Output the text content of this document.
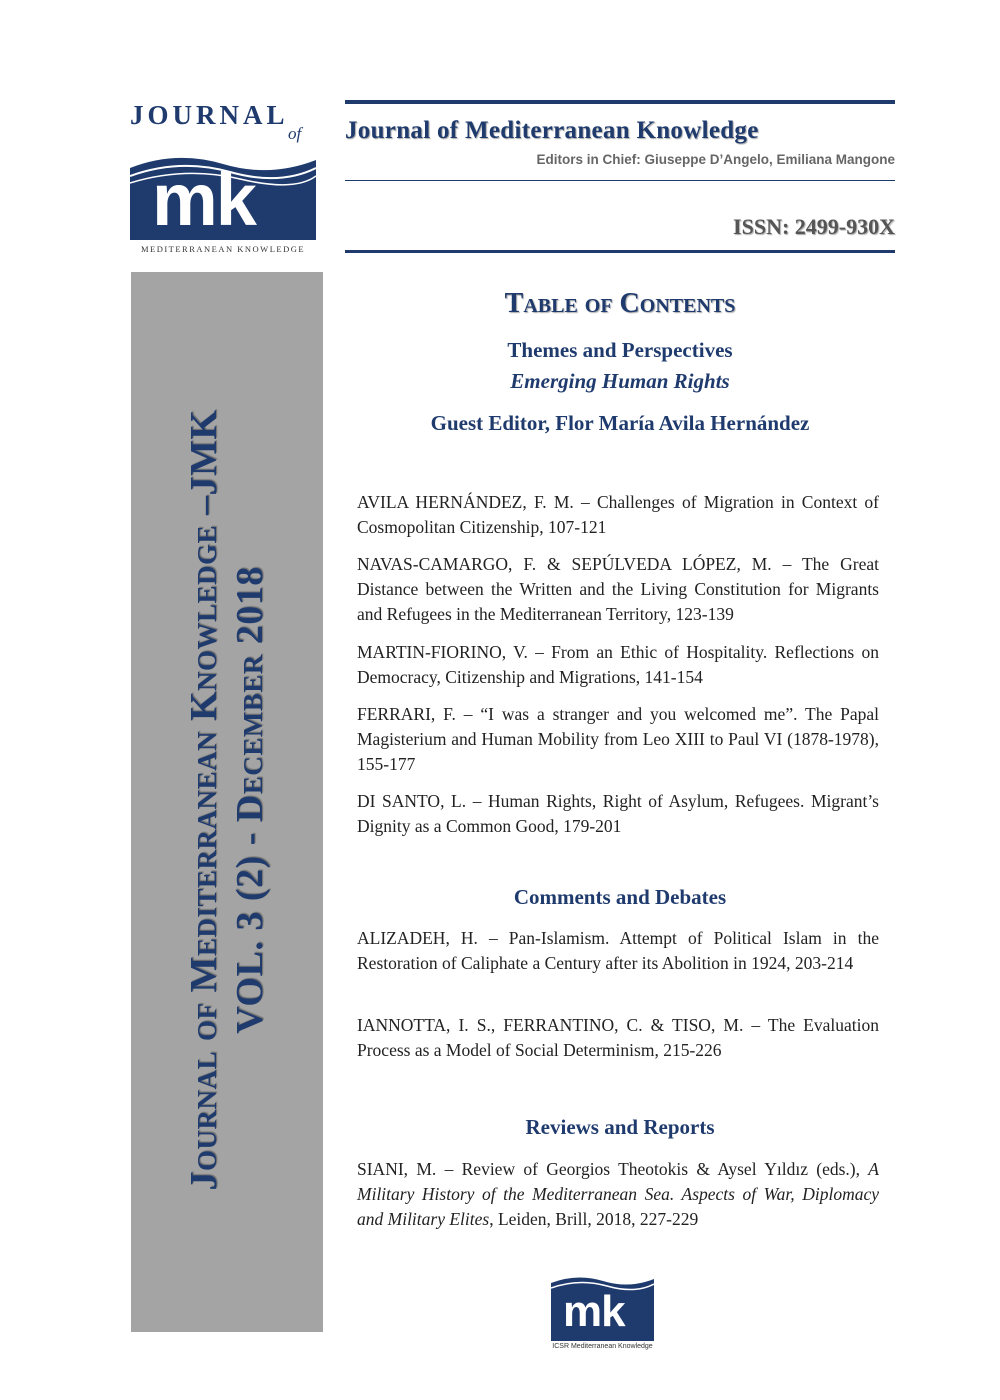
JOURNAL
of
mk
MEDITERRANEAN KNOWLEDGE
Journal of Mediterranean Knowledge
Editors in Chief: Giuseppe D’Angelo, Emiliana Mangone
ISSN: 2499-930X
Journal of Mediterranean Knowledge –JMK VOL. 3 (2) - December 2018
Table of Contents
Themes and Perspectives
Emerging Human Rights
Guest Editor, Flor María Avila Hernández
AVILA HERNÁNDEZ, F. M. – Challenges of Migration in Context of Cosmopolitan Citizenship, 107-121
NAVAS-CAMARGO, F. & SEPÚLVEDA LÓPEZ, M. – The Great Distance between the Written and the Living Constitution for Migrants and Refugees in the Mediterranean Territory, 123-139
MARTIN-FIORINO, V. – From an Ethic of Hospitality. Reflections on Democracy, Citizenship and Migrations, 141-154
FERRARI, F. – “I was a stranger and you welcomed me”. The Papal Magisterium and Human Mobility from Leo XIII to Paul VI (1878-1978), 155-177
DI SANTO, L. – Human Rights, Right of Asylum, Refugees. Migrant’s Dignity as a Common Good, 179-201
Comments and Debates
ALIZADEH, H. – Pan-Islamism. Attempt of Political Islam in the Restoration of Caliphate a Century after its Abolition in 1924, 203-214
IANNOTTA, I. S., FERRANTINO, C. & TISO, M. – The Evaluation Process as a Model of Social Determinism, 215-226
Reviews and Reports
SIANI, M. – Review of Georgios Theotokis & Aysel Yıldız (eds.), A Military History of the Mediterranean Sea. Aspects of War, Diplomacy and Military Elites, Leiden, Brill, 2018, 227-229
mk
ICSR Mediterranean Knowledge
